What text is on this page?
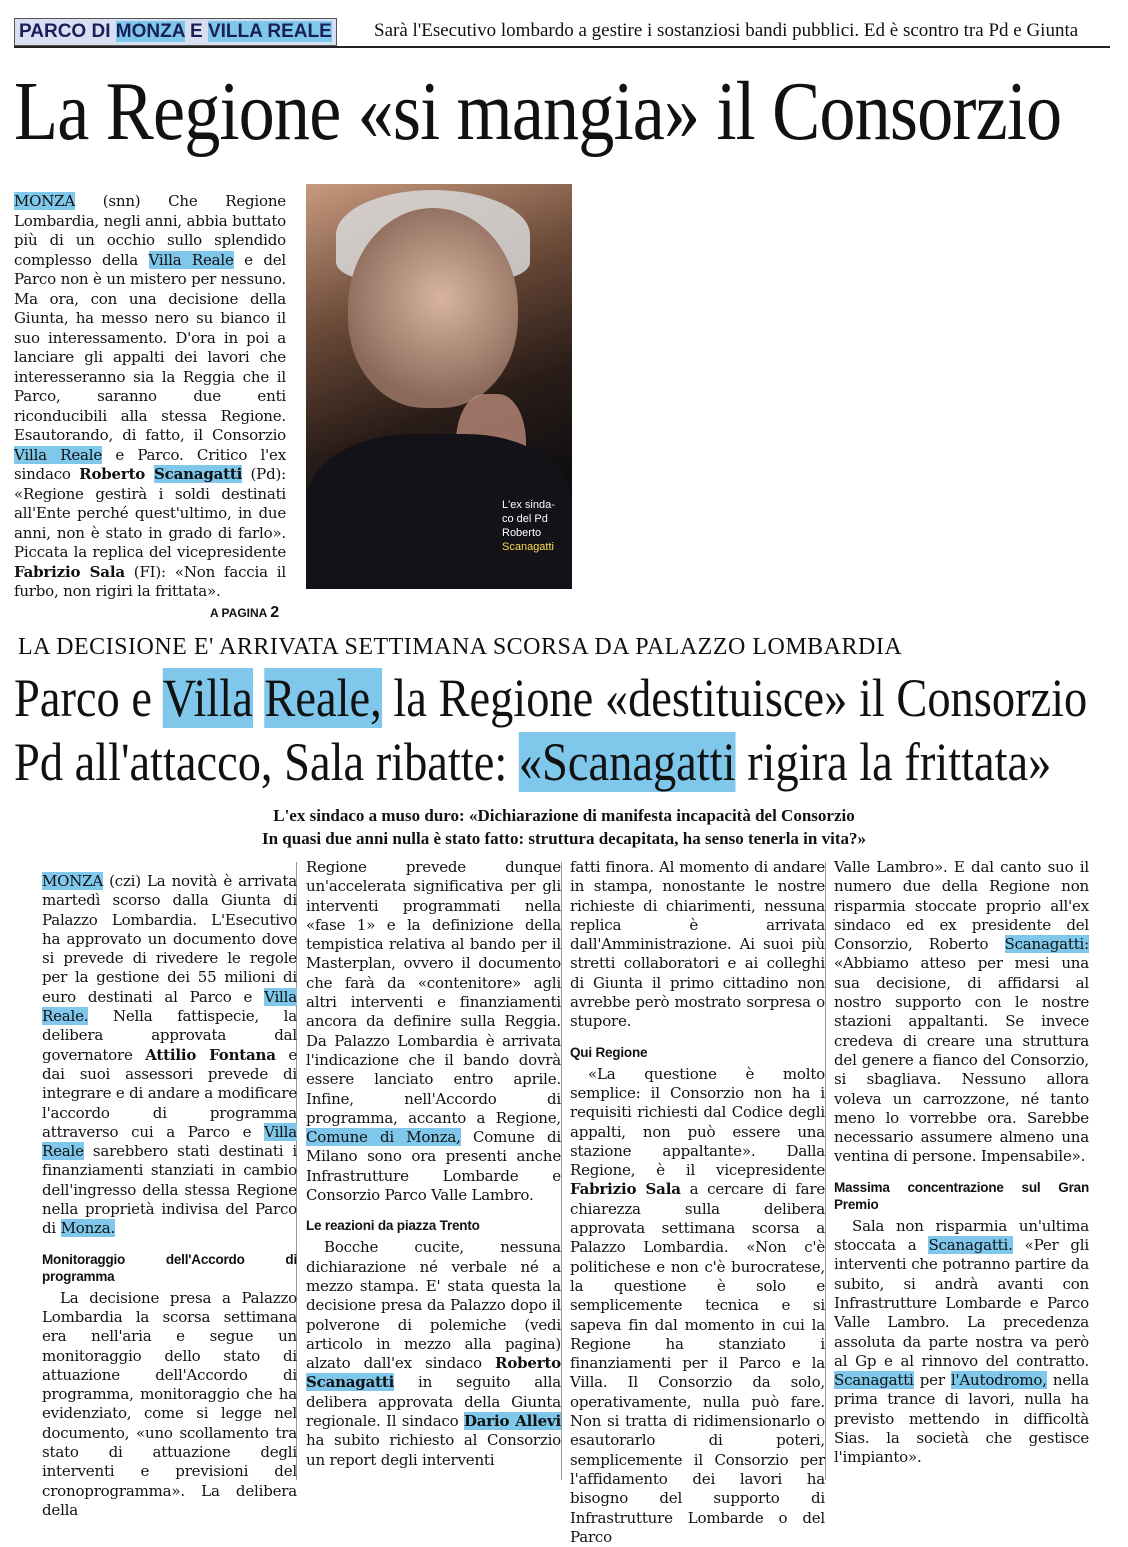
PARCO DI MONZA E VILLA REALE Sarà l'Esecutivo lombardo a gestire i sostanziosi bandi pubblici. Ed è scontro tra Pd e Giunta
La Regione «si mangia» il Consorzio
MONZA (snn) Che Regione Lombardia, negli anni, abbia buttato più di un occhio sullo splendido complesso della Villa Reale e del Parco non è un mistero per nessuno. Ma ora, con una decisione della Giunta, ha messo nero su bianco il suo interessamento. D'ora in poi a lanciare gli appalti dei lavori che interesseranno sia la Reggia che il Parco, saranno due enti riconducibili alla stessa Regione. Esautorando, di fatto, il Consorzio Villa Reale e Parco. Critico l'ex sindaco Roberto Scanagatti (Pd): «Regione gestirà i soldi destinati all'Ente perché quest'ultimo, in due anni, non è stato in grado di farlo». Piccata la replica del vicepresidente Fabrizio Sala (FI): «Non faccia il furbo, non rigiri la frittata».
A PAGINA 2
L'ex sinda-
co del Pd
Roberto
Scanagatti
LA DECISIONE E' ARRIVATA SETTIMANA SCORSA DA PALAZZO LOMBARDIA
Parco e Villa Reale, la Regione «destituisce» il Consorzio
Pd all'attacco, Sala ribatte: «Scanagatti rigira la frittata»
L'ex sindaco a muso duro: «Dichiarazione di manifesta incapacità del Consorzio
In quasi due anni nulla è stato fatto: struttura decapitata, ha senso tenerla in vita?»

MONZA (czi) La novità è arrivata martedì scorso dalla Giunta di Palazzo Lombardia. L'Esecutivo ha approvato un documento dove si prevede di rivedere le regole per la gestione dei 55 milioni di euro destinati al Parco e Villa Reale. Nella fattispecie, la delibera approvata dal governatore Attilio Fontana e dai suoi assessori prevede di integrare e di andare a modificare l'accordo di programma attraverso cui a Parco e Villa Reale sarebbero stati destinati i finanziamenti stanziati in cambio dell'ingresso della stessa Regione nella proprietà indivisa del Parco di Monza.

Monitoraggio dell'Accordo di programma

La decisione presa a Palazzo Lombardia la scorsa settimana era nell'aria e segue un monitoraggio dello stato di attuazione dell'Accordo di programma, monitoraggio che ha evidenziato, come si legge nel documento, «uno scollamento tra stato di attuazione degli interventi e previsioni del cronoprogramma». La delibera della

Regione prevede dunque un'accelerata significativa per gli interventi programmati nella «fase 1» e la definizione della tempistica relativa al bando per il Masterplan, ovvero il documento che farà da «contenitore» agli altri interventi e finanziamenti ancora da definire sulla Reggia. Da Palazzo Lombardia è arrivata l'indicazione che il bando dovrà essere lanciato entro aprile. Infine, nell'Accordo di programma, accanto a Regione, Comune di Monza, Comune di Milano sono ora presenti anche Infrastrutture Lombarde e Consorzio Parco Valle Lambro.

Le reazioni da piazza Trento

Bocche cucite, nessuna dichiarazione né verbale né a mezzo stampa. E' stata questa la decisione presa da Palazzo dopo il polverone di polemiche (vedi articolo in mezzo alla pagina) alzato dall'ex sindaco Roberto Scanagatti in seguito alla delibera approvata della Giunta regionale. Il sindaco Dario Allevi ha subito richiesto al Consorzio un report degli interventi

fatti finora. Al momento di andare in stampa, nonostante le nostre richieste di chiarimenti, nessuna replica è arrivata dall'Amministrazione. Ai suoi più stretti collaboratori e ai colleghi di Giunta il primo cittadino non avrebbe però mostrato sorpresa o stupore.

Qui Regione

«La questione è molto semplice: il Consorzio non ha i requisiti richiesti dal Codice degli appalti, non può essere una stazione appaltante». Dalla Regione, è il vicepresidente Fabrizio Sala a cercare di fare chiarezza sulla delibera approvata settimana scorsa a Palazzo Lombardia. «Non c'è politichese e non c'è burocratese, la questione è solo e semplicemente tecnica e si sapeva fin dal momento in cui la Regione ha stanziato i finanziamenti per il Parco e la Villa. Il Consorzio da solo, operativamente, nulla può fare. Non si tratta di ridimensionarlo o esautorarlo di poteri, semplicemente il Consorzio per l'affidamento dei lavori ha bisogno del supporto di Infrastrutture Lombarde o del Parco

Valle Lambro». E dal canto suo il numero due della Regione non risparmia stoccate proprio all'ex sindaco ed ex presidente del Consorzio, Roberto Scanagatti: «Abbiamo atteso per mesi una sua decisione, di affidarsi al nostro supporto con le nostre stazioni appaltanti. Se invece credeva di creare una struttura del genere a fianco del Consorzio, si sbagliava. Nessuno allora voleva un carrozzone, né tanto meno lo vorrebbe ora. Sarebbe necessario assumere almeno una ventina di persone. Impensabile».

Massima concentrazione sul Gran Premio

Sala non risparmia un'ultima stoccata a Scanagatti. «Per gli interventi che potranno partire da subito, si andrà avanti con Infrastrutture Lombarde e Parco Valle Lambro. La precedenza assoluta da parte nostra va però al Gp e al rinnovo del contratto. Scanagatti per l'Autodromo, nella prima trance di lavori, nulla ha previsto mettendo in difficoltà Sias. la società che gestisce l'impianto».
